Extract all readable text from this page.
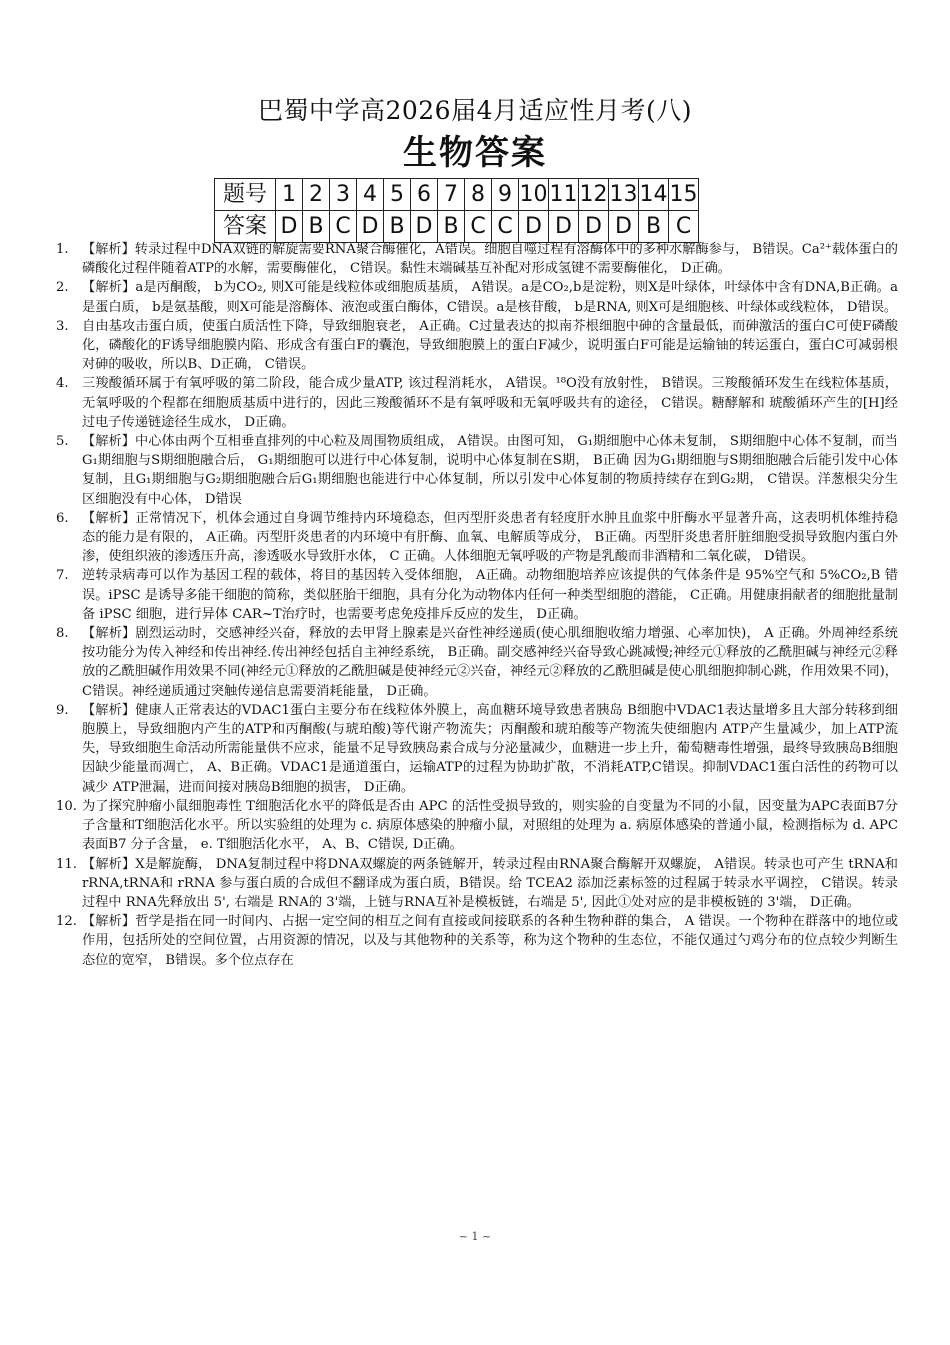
巴蜀中学高2026届4月适应性月考(八)
生物答案
题号	1	2	3	4	5	6	7	8	9	10	11	12	13	14	15
答案	D	B	C	D	B	D	B	C	C	D	D	D	D	B	C
1. 【解析】转录过程中DNA双链的解旋需要RNA聚合酶催化，A错误。细胞自噬过程有溶酶体中的多种水解酶参与， B错误。Ca²⁺载体蛋白的磷酸化过程伴随着ATP的水解，需要酶催化， C错误。黏性末端碱基互补配对形成氢键不需要酶催化， D正确。
2. 【解析】a是丙酮酸， b为CO₂, 则X可能是线粒体或细胞质基质， A错误。a是CO₂,b是淀粉，则X是叶绿体，叶绿体中含有DNA,B正确。a是蛋白质， b是氨基酸，则X可能是溶酶体、液泡或蛋白酶体，C错误。a是核苷酸， b是RNA, 则X可是细胞核、叶绿体或线粒体， D错误。
3. 自由基攻击蛋白质，使蛋白质活性下降，导致细胞衰老， A正确。C过量表达的拟南芥根细胞中砷的含量最低，而砷激活的蛋白C可使F磷酸化，磷酸化的F诱导细胞膜内陷、形成含有蛋白F的囊泡，导致细胞膜上的蛋白F减少，说明蛋白F可能是运输铀的转运蛋白，蛋白C可减弱根对砷的吸收，所以B、D正确， C错误。
4. 三羧酸循环属于有氧呼吸的第二阶段，能合成少量ATP, 该过程消耗水， A错误。¹⁸O没有放射性， B错误。三羧酸循环发生在线粒体基质，无氧呼吸的个程都在细胞质基质中进行的，因此三羧酸循环不是有氧呼吸和无氧呼吸共有的途径， C错误。糖酵解和 琥酸循环产生的[H]经过电子传递链途径生成水， D正确。
5. 【解析】中心体由两个互相垂直排列的中心粒及周围物质组成， A错误。由图可知， G₁期细胞中心体未复制， S期细胞中心体不复制，而当G₁期细胞与S期细胞融合后， G₁期细胞可以进行中心体复制，说明中心体复制在S期， B正确 因为G₁期细胞与S期细胞融合后能引发中心体复制，且G₁期细胞与G₂期细胞融合后G₁期细胞也能进行中心体复制，所以引发中心体复制的物质持续存在到G₂期， C错误。洋葱根尖分生区细胞没有中心体， D错误
6. 【解析】正常情况下，机体会通过自身调节维持内环境稳态，但丙型肝炎患者有轻度肝水肿且血浆中肝酶水平显著升高，这表明机体维持稳态的能力是有限的， A正确。丙型肝炎患者的内环境中有肝酶、血氧、电解质等成分， B正确。丙型肝炎患者肝脏细胞受损导致胞内蛋白外渗，使组织液的渗透压升高，渗透吸水导致肝水体， C 正确。人体细胞无氧呼吸的产物是乳酸而非酒精和二氧化碳， D错误。
7. 逆转录病毒可以作为基因工程的载体，将目的基因转入受体细胞， A正确。动物细胞培养应该提供的气体条件是 95%空气和 5%CO₂,B 错误。iPSC 是诱导多能干细胞的简称，类似胚胎干细胞，具有分化为动物体内任何一种类型细胞的潜能， C正确。用健康捐献者的细胞批量制备 iPSC 细胞，进行异体 CAR~T治疗时，也需要考虑免疫排斥反应的发生， D正确。
8. 【解析】剧烈运动时，交感神经兴奋，释放的去甲肾上腺素是兴奋性神经递质(使心肌细胞收缩力增强、心率加快)， A 正确。外周神经系统按功能分为传入神经和传出神经.传出神经包括自主神经系统， B正确。副交感神经兴奋导致心跳减慢;神经元①释放的乙酰胆碱与神经元②释放的乙酰胆碱作用效果不同(神经元①释放的乙酰胆碱是使神经元②兴奋，神经元②释放的乙酰胆碱是使心肌细胞抑制心跳，作用效果不同)，C错误。神经递质通过突触传递信息需要消耗能量， D正确。
9. 【解析】健康人正常表达的VDAC1蛋白主要分布在线粒体外膜上，高血糖环境导致患者胰岛 B细胞中VDAC1表达量增多且大部分转移到细胞膜上，导致细胞内产生的ATP和丙酮酸(与琥珀酸)等代谢产物流失；丙酮酸和琥珀酸等产物流失使细胞内 ATP产生量减少，加上ATP流失，导致细胞生命活动所需能量供不应求，能量不足导致胰岛素合成与分泌量减少，血糖进一步上升，葡萄糖毒性增强，最终导致胰岛B细胞因缺少能量而凋亡， A、B正确。VDAC1是通道蛋白，运输ATP的过程为协助扩散，不消耗ATP,C错误。抑制VDAC1蛋白活性的药物可以减少 ATP泄漏，进而间接对胰岛B细胞的损害， D正确。
10. 为了探究肿瘤小鼠细胞毒性 T细胞活化水平的降低是否由 APC 的活性受损导致的，则实验的自变量为不同的小鼠，因变量为APC表面B7分子含量和T细胞活化水平。所以实验组的处理为 c. 病原体感染的肿瘤小鼠，对照组的处理为 a. 病原体感染的普通小鼠，检测指标为 d. APC 表面B7 分子含量， e. T细胞活化水平， A、B、C错误, D正确。
11. 【解析】X是解旋酶， DNA复制过程中将DNA双螺旋的两条链解开，转录过程由RNA聚合酶解开双螺旋， A错误。转录也可产生 tRNA和 rRNA,tRNA和 rRNA 参与蛋白质的合成但不翻译成为蛋白质，B错误。给 TCEA2 添加泛素标签的过程属于转录水平调控， C错误。转录过程中 RNA先释放出 5', 右端是 RNA的 3'端，上链与RNA互补是模板链，右端是 5', 因此①处对应的是非模板链的 3'端， D正确。
12. 【解析】哲学是指在同一时间内、占据一定空间的相互之间有直接或间接联系的各种生物种群的集合， A 错误。一个物种在群落中的地位或作用，包括所处的空间位置，占用资源的情况，以及与其他物种的关系等，称为这个物种的生态位，不能仅通过勺鸡分布的位点较少判断生态位的宽窄， B错误。多个位点存在
~ 1 ~
